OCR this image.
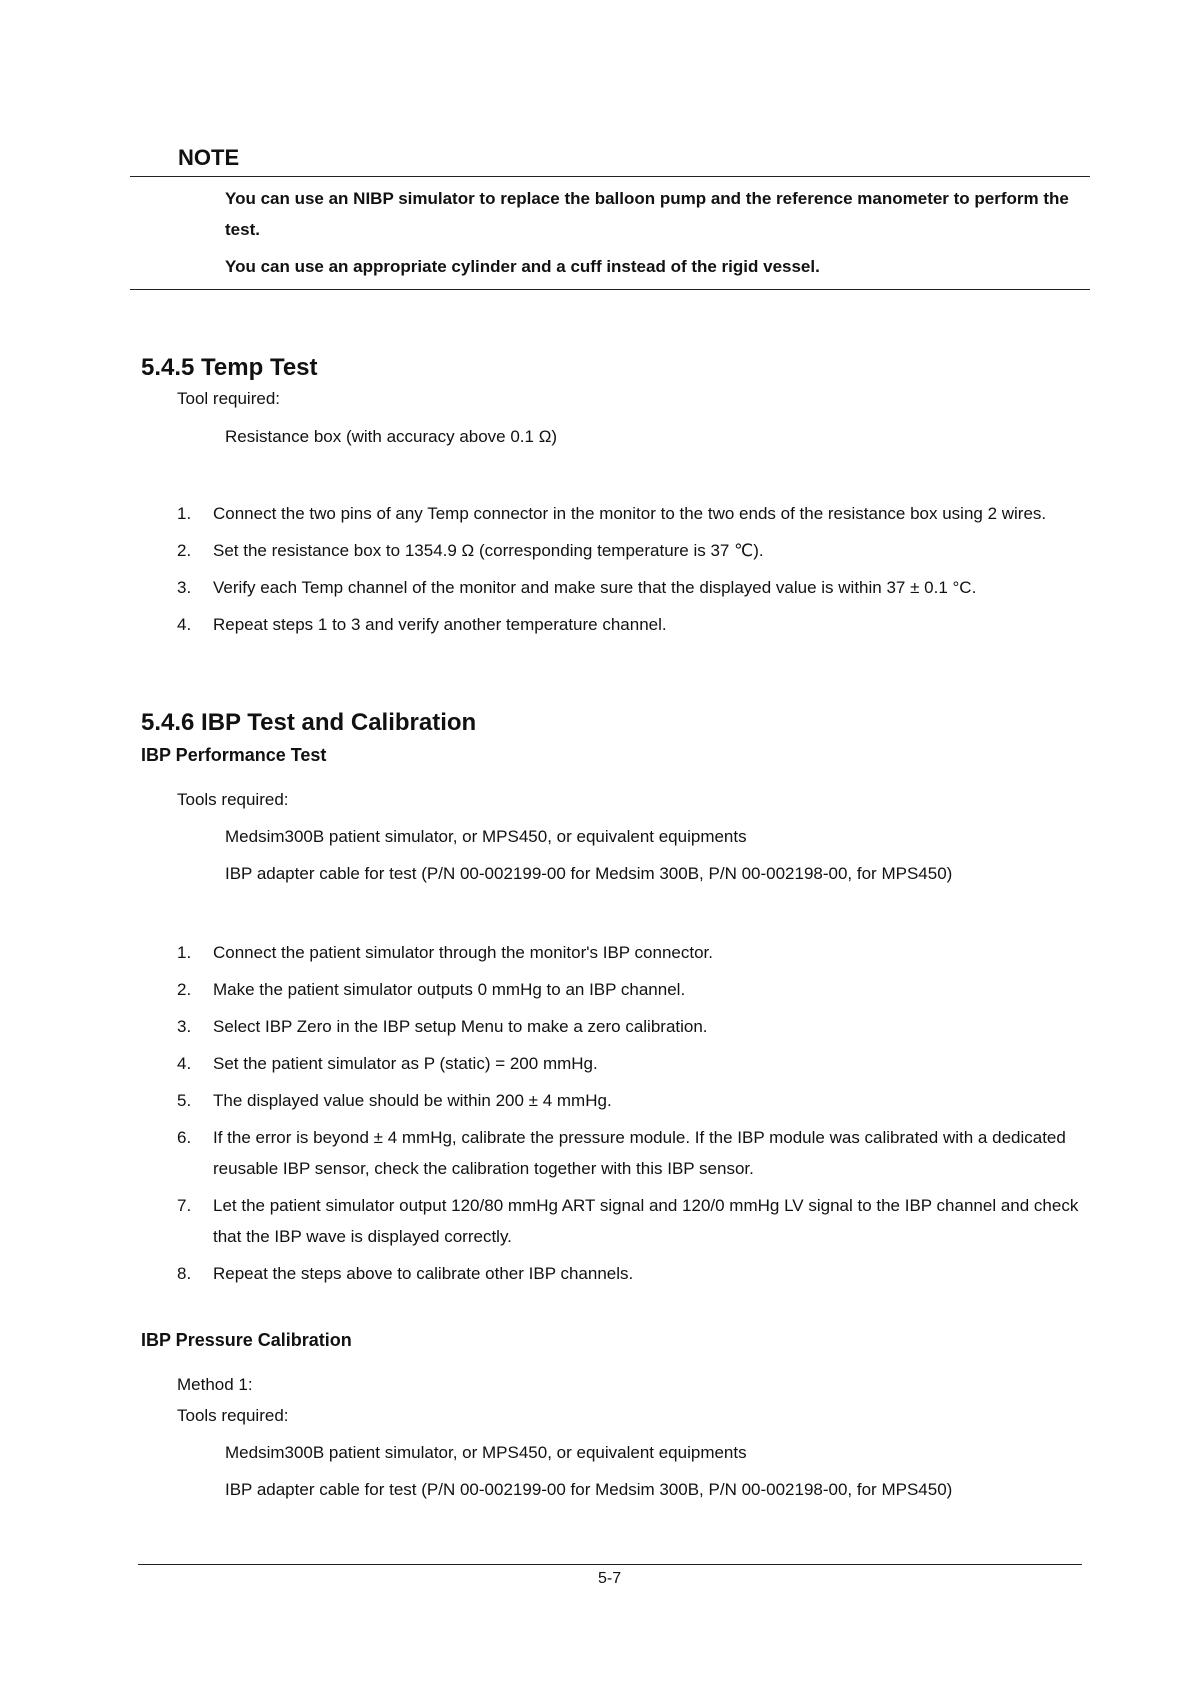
NOTE

You can use an NIBP simulator to replace the balloon pump and the reference manometer to perform the test.

You can use an appropriate cylinder and a cuff instead of the rigid vessel.

5.4.5 Temp Test

Tool required:

Resistance box (with accuracy above 0.1 Ω)

1. Connect the two pins of any Temp connector in the monitor to the two ends of the resistance box using 2 wires.
2. Set the resistance box to 1354.9 Ω (corresponding temperature is 37 ℃).
3. Verify each Temp channel of the monitor and make sure that the displayed value is within 37 ± 0.1 °C.
4. Repeat steps 1 to 3 and verify another temperature channel.
5.4.6 IBP Test and Calibration
IBP Performance Test

Tools required:

Medsim300B patient simulator, or MPS450, or equivalent equipments

IBP adapter cable for test (P/N 00-002199-00 for Medsim 300B, P/N 00-002198-00, for MPS450)

1. Connect the patient simulator through the monitor's IBP connector.
2. Make the patient simulator outputs 0 mmHg to an IBP channel.
3. Select IBP Zero in the IBP setup Menu to make a zero calibration.
4. Set the patient simulator as P (static) = 200 mmHg.
5. The displayed value should be within 200 ± 4 mmHg.
6. If the error is beyond ± 4 mmHg, calibrate the pressure module. If the IBP module was calibrated with a dedicated reusable IBP sensor, check the calibration together with this IBP sensor.
7. Let the patient simulator output 120/80 mmHg ART signal and 120/0 mmHg LV signal to the IBP channel and check that the IBP wave is displayed correctly.
8. Repeat the steps above to calibrate other IBP channels.
IBP Pressure Calibration

Method 1:

Tools required:

Medsim300B patient simulator, or MPS450, or equivalent equipments

IBP adapter cable for test (P/N 00-002199-00 for Medsim 300B, P/N 00-002198-00, for MPS450)

5-7
